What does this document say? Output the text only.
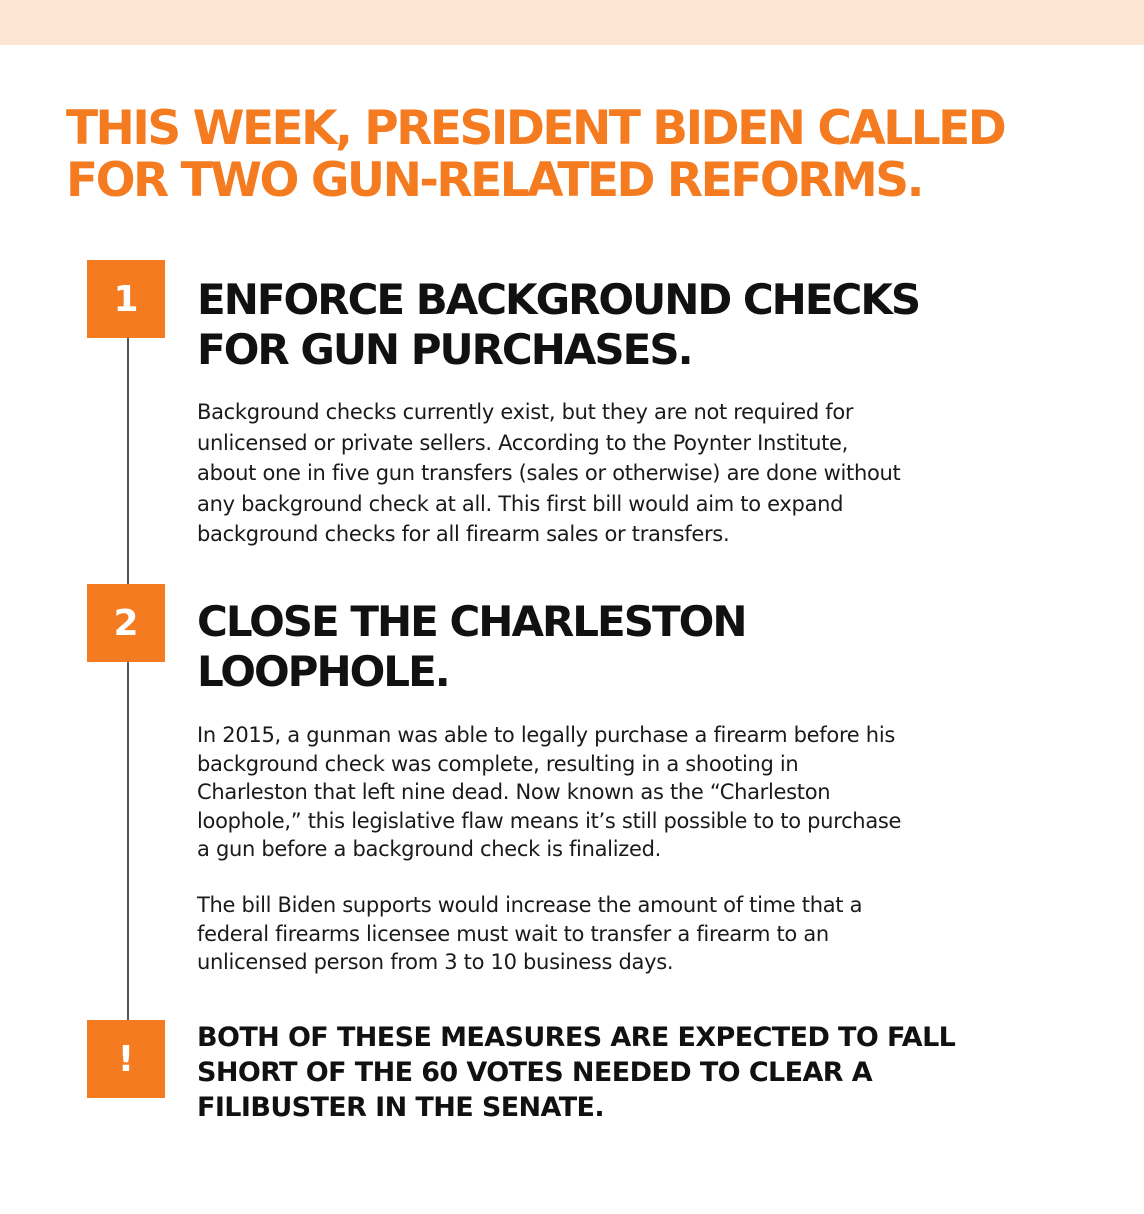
THIS WEEK, PRESIDENT BIDEN CALLED
FOR TWO GUN-RELATED REFORMS.
1	ENFORCE BACKGROUND CHECKS
FOR GUN PURCHASES.

Background checks currently exist, but they are not required for
unlicensed or private sellers. According to the Poynter Institute,
about one in five gun transfers (sales or otherwise) are done without
any background check at all. This first bill would aim to expand
background checks for all firearm sales or transfers.

2	CLOSE THE CHARLESTON
LOOPHOLE.

In 2015, a gunman was able to legally purchase a firearm before his
background check was complete, resulting in a shooting in
Charleston that left nine dead. Now known as the “Charleston
loophole,” this legislative flaw means it’s still possible to to purchase
a gun before a background check is finalized.

The bill Biden supports would increase the amount of time that a
federal firearms licensee must wait to transfer a firearm to an
unlicensed person from 3 to 10 business days.

!

BOTH OF THESE MEASURES ARE EXPECTED TO FALL
SHORT OF THE 60 VOTES NEEDED TO CLEAR A
FILIBUSTER IN THE SENATE.
